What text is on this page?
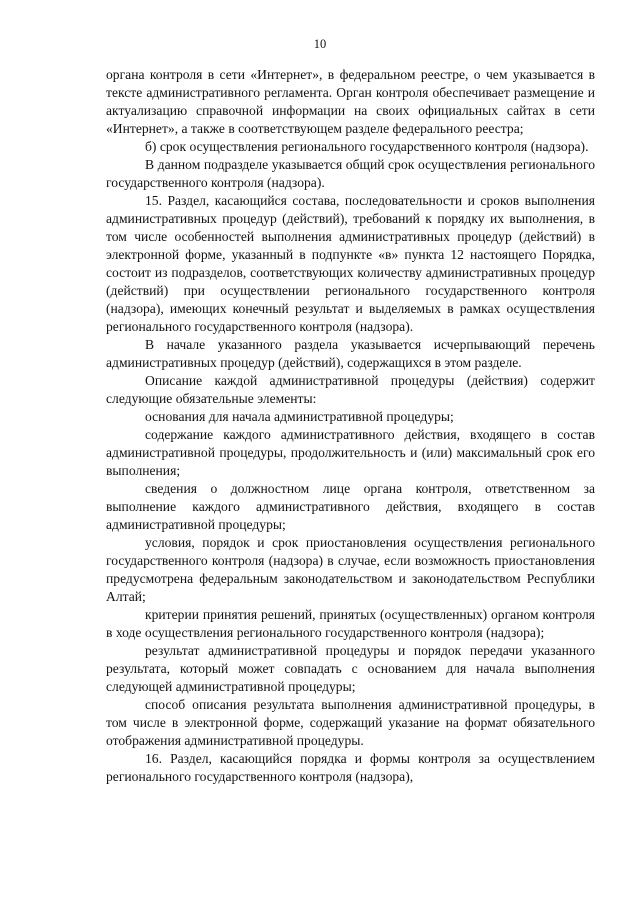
10

органа контроля в сети «Интернет», в федеральном реестре, о чем указывается в тексте административного регламента. Орган контроля обеспечивает размещение и актуализацию справочной информации на своих официальных сайтах в сети «Интернет», а также в соответствующем разделе федерального реестра;

б) срок осуществления регионального государственного контроля (надзора).

В данном подразделе указывается общий срок осуществления регионального государственного контроля (надзора).

15. Раздел, касающийся состава, последовательности и сроков выполнения административных процедур (действий), требований к порядку их выполнения, в том числе особенностей выполнения административных процедур (действий) в электронной форме, указанный в подпункте «в» пункта 12 настоящего Порядка, состоит из подразделов, соответствующих количеству административных процедур (действий) при осуществлении регионального государственного контроля (надзора), имеющих конечный результат и выделяемых в рамках осуществления регионального государственного контроля (надзора).

В начале указанного раздела указывается исчерпывающий перечень административных процедур (действий), содержащихся в этом разделе.

Описание каждой административной процедуры (действия) содержит следующие обязательные элементы:

основания для начала административной процедуры;

содержание каждого административного действия, входящего в состав административной процедуры, продолжительность и (или) максимальный срок его выполнения;

сведения о должностном лице органа контроля, ответственном за выполнение каждого административного действия, входящего в состав административной процедуры;

условия, порядок и срок приостановления осуществления регионального государственного контроля (надзора) в случае, если возможность приостановления предусмотрена федеральным законодательством и законодательством Республики Алтай;

критерии принятия решений, принятых (осуществленных) органом контроля в ходе осуществления регионального государственного контроля (надзора);

результат административной процедуры и порядок передачи указанного результата, который может совпадать с основанием для начала выполнения следующей административной процедуры;

способ описания результата выполнения административной процедуры, в том числе в электронной форме, содержащий указание на формат обязательного отображения административной процедуры.

16. Раздел, касающийся порядка и формы контроля за осуществлением регионального государственного контроля (надзора),
